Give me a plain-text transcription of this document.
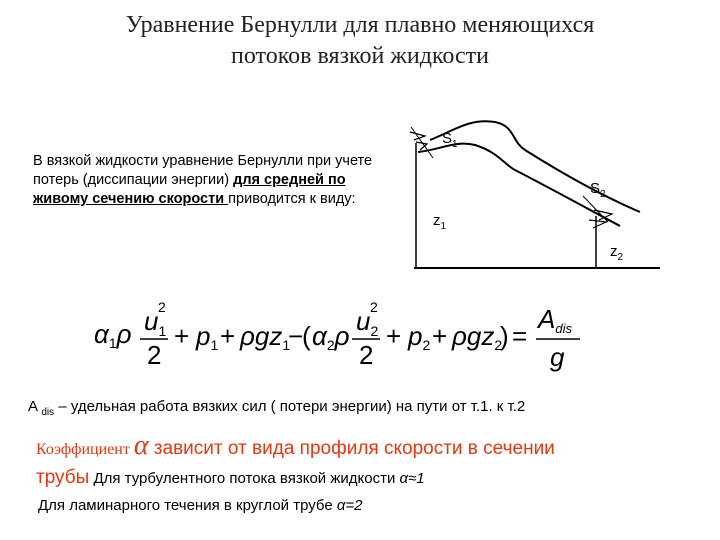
Уравнение Бернулли для плавно меняющихся
потоков вязкой жидкости
В вязкой жидкости уравнение Бернулли при учете потерь (диссипации энергии) для средней по живому сечению скорости приводится к виду:
$S_1$
$S_2$
$z_1$
$z_2$
α1ρ $u_1$
2
2
+ p1 + ρgz1
−
( α2ρ $u_2$
2
2
+ p2 + ρgz2
) =
Adis
g
A $_{dis}$ – удельная работа вязких сил ( потери энергии) на пути от т.1. к т.2
Коэффициент α зависит от вида профиля скорости в сечении
трубы Для турбулентного потока вязкой жидкости α≈1
Для ламинарного течения в круглой трубе α=2
